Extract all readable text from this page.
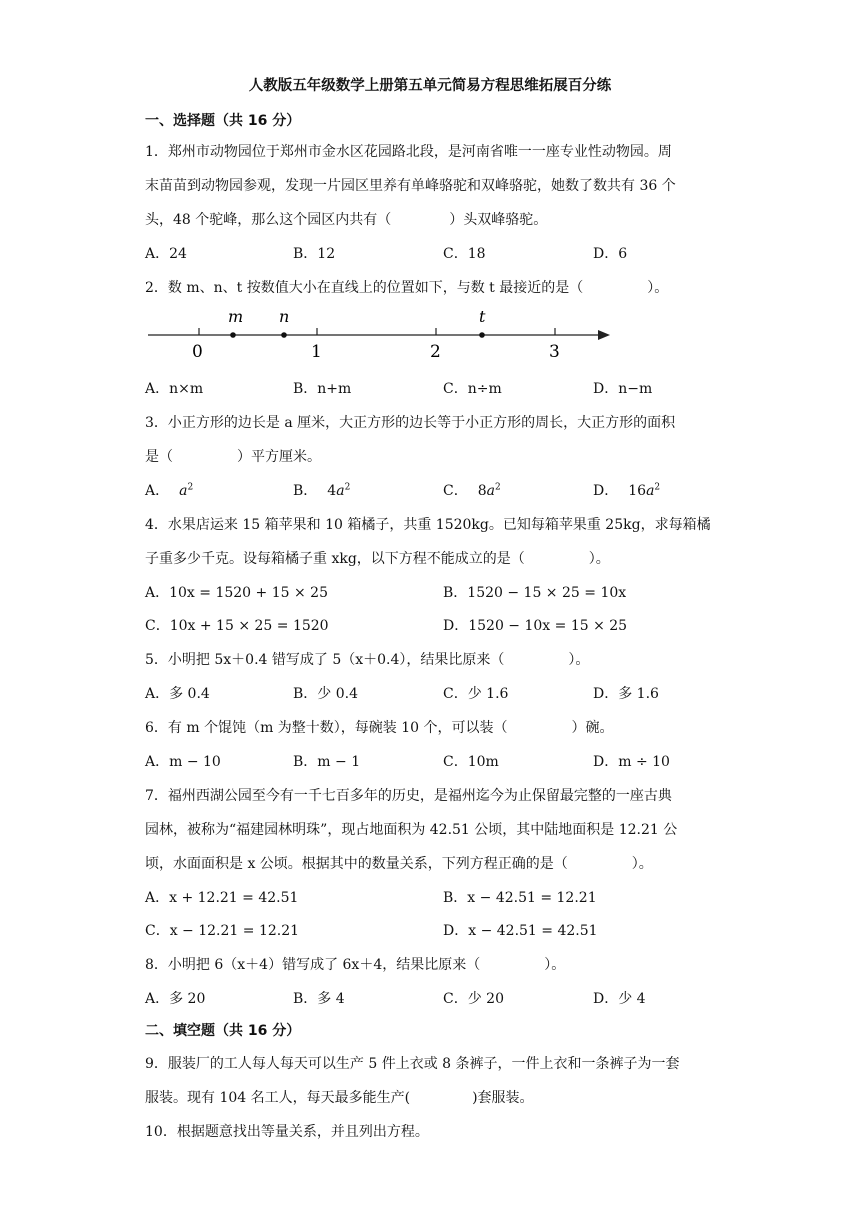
人教版五年级数学上册第五单元简易方程思维拓展百分练
一、选择题（共 16 分）
1．郑州市动物园位于郑州市金水区花园路北段，是河南省唯一一座专业性动物园。周
末苗苗到动物园参观，发现一片园区里养有单峰骆驼和双峰骆驼，她数了数共有 36 个
头，48 个驼峰，那么这个园区内共有（	）头双峰骆驼。
A．24	B．12	C．18	D．6
2．数 m、n、t 按数值大小在直线上的位置如下，与数 t 最接近的是（	）。
0	1	2	3
m n	t
A．n×m	B．n+m	C．n÷m	D．n−m
3．小正方形的边长是 a 厘米，大正方形的边长等于小正方形的周长，大正方形的面积
是（	）平方厘米。
A． $a^2$	B． $4a^2$	C． $8a^2$	D． $16a^2$
4．水果店运来 15 箱苹果和 10 箱橘子，共重 1520kg。已知每箱苹果重 25kg，求每箱橘
子重多少千克。设每箱橘子重 xkg，以下方程不能成立的是（	）。
A．10x = 1520 + 15 × 25	B．1520 − 15 × 25 = 10x
C．10x + 15 × 25 = 1520	D．1520 − 10x = 15 × 25
5．小明把 5x＋0.4 错写成了 5（x＋0.4），结果比原来（	）。
A．多 0.4	B．少 0.4	C．少 1.6	D．多 1.6
6．有 m 个馄饨（m 为整十数），每碗装 10 个，可以装（	）碗。
A．m − 10	B．m − 1	C．10m	D．m ÷ 10
7．福州西湖公园至今有一千七百多年的历史，是福州迄今为止保留最完整的一座古典
园林，被称为“福建园林明珠”，现占地面积为 42.51 公顷，其中陆地面积是 12.21 公
顷，水面面积是 x 公顷。根据其中的数量关系，下列方程正确的是（	）。
A．x + 12.21 = 42.51	B．x − 42.51 = 12.21
C．x − 12.21 = 12.21	D．x − 42.51 = 42.51
8．小明把 6（x＋4）错写成了 6x＋4，结果比原来（	）。
A．多 20	B．多 4	C．少 20	D．少 4
二、填空题（共 16 分）
9．服装厂的工人每人每天可以生产 5 件上衣或 8 条裤子，一件上衣和一条裤子为一套
服装。现有 104 名工人，每天最多能生产(	)套服装。
10．根据题意找出等量关系，并且列出方程。
